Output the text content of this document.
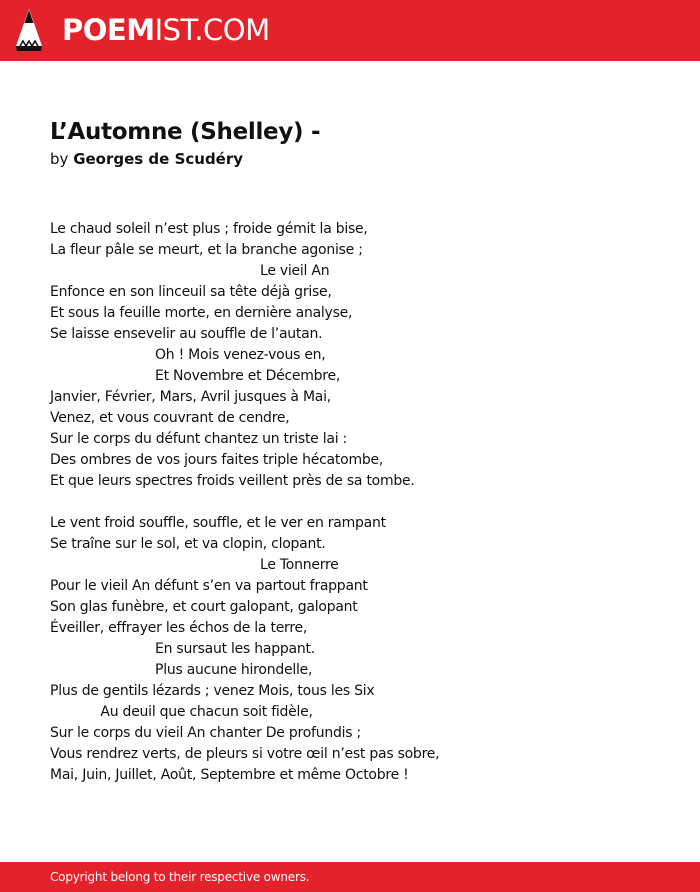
POEMIST.COM
L’Automne (Shelley) -
by Georges de Scudéry
Le chaud soleil n’est plus ; froide gémit la bise,
La fleur pâle se meurt, et la branche agonise ;
Le vieil An
Enfonce en son linceuil sa tête déjà grise,
Et sous la feuille morte, en dernière analyse,
Se laisse ensevelir au souffle de l’autan.
Oh ! Mois venez-vous en,
Et Novembre et Décembre,
Janvier, Février, Mars, Avril jusques à Mai,
Venez, et vous couvrant de cendre,
Sur le corps du défunt chantez un triste lai :
Des ombres de vos jours faites triple hécatombe,
Et que leurs spectres froids veillent près de sa tombe.
Le vent froid souffle, souffle, et le ver en rampant
Se traîne sur le sol, et va clopin, clopant.
Le Tonnerre
Pour le vieil An défunt s’en va partout frappant
Son glas funèbre, et court galopant, galopant
Éveiller, effrayer les échos de la terre,
En sursaut les happant.
Plus aucune hirondelle,
Plus de gentils lézards ; venez Mois, tous les Six
Au deuil que chacun soit fidèle,
Sur le corps du vieil An chanter De profundis ;
Vous rendrez verts, de pleurs si votre œil n’est pas sobre,
Mai, Juin, Juillet, Août, Septembre et même Octobre !
Copyright belong to their respective owners.
